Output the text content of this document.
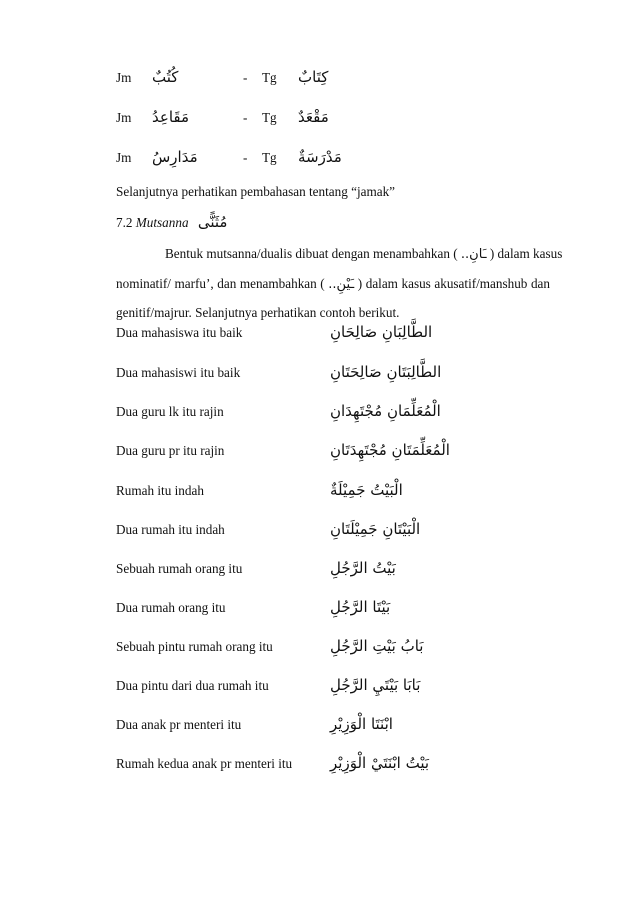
Jm كُتُبٌ	- Tg كِتَابٌ
Jm مَقَاعِدُ	- Tg مَقْعَدٌ
Jm مَدَارِسُ	- Tg مَدْرَسَةٌ
Selanjutnya perhatikan pembahasan tentang “jamak”
7.2 Mutsanna مُثَنًّى
Bentuk mutsanna/dualis dibuat dengan menambahkan ( ـَانِ.. ) dalam kasus
nominatif/ marfu’, dan menambahkan ( ـَيْنِ.. ) dalam kasus akusatif/manshub dan
genitif/majrur. Selanjutnya perhatikan contoh berikut.
Dua mahasiswa itu baik	الطَّالِبَانِ صَالِحَانِ
Dua mahasiswi itu baik	الطَّالِبَتَانِ صَالِحَتَانِ
Dua guru lk itu rajin	الْمُعَلِّمَانِ مُجْتَهِدَانِ
Dua guru pr itu rajin	الْمُعَلِّمَتَانِ مُجْتَهِدَتَانِ
Rumah itu indah	الْبَيْتُ جَمِيْلَةٌ
Dua rumah itu indah	الْبَيْتَانِ جَمِيْلَتَانِ
Sebuah rumah orang itu	بَيْتُ الرَّجُلِ
Dua rumah orang itu	بَيْتَا الرَّجُلِ
Sebuah pintu rumah orang itu	بَابُ بَيْتِ الرَّجُلِ
Dua pintu dari dua rumah itu	بَابَا بَيْتَيِ الرَّجُلِ
Dua anak pr menteri itu	ابْنَتَا الْوَزِيْرِ
Rumah kedua anak pr menteri itu	بَيْتُ ابْنَتَيْ الْوَزِيْرِ
